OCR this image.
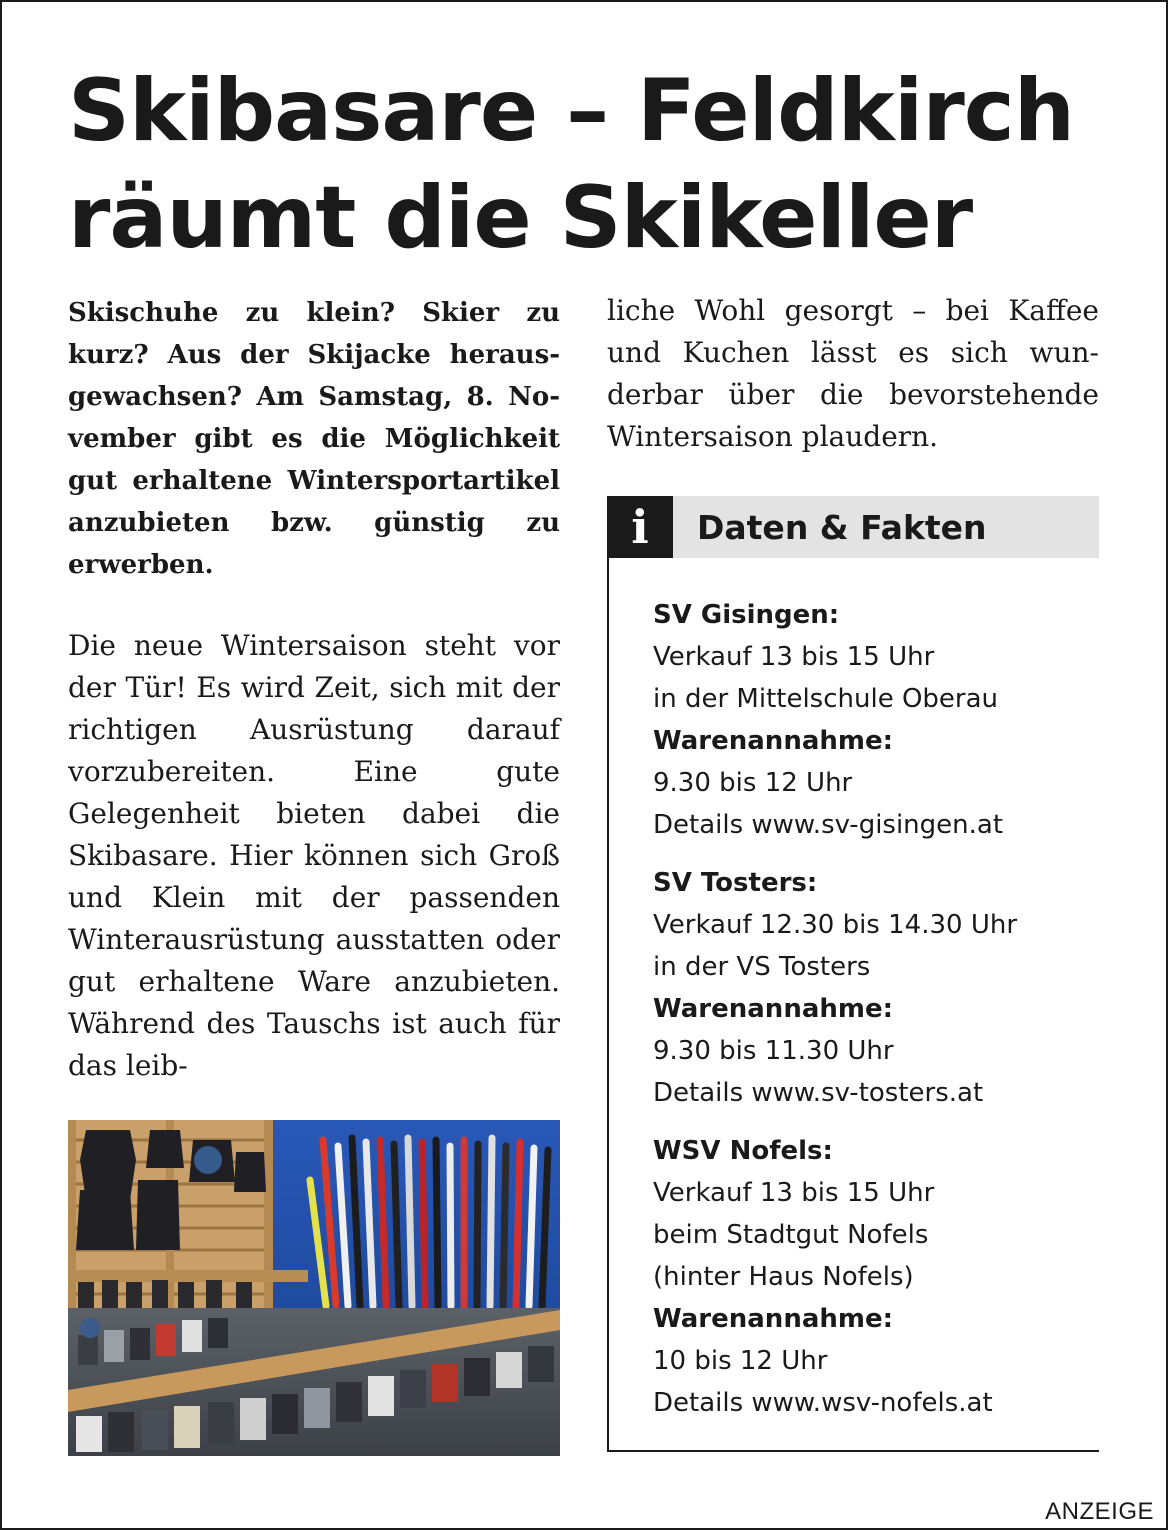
Skibasare – Feldkirch
räumt die Skikeller

Skischuhe zu klein? Skier zu kurz? Aus der Skijacke herausgewachsen? Am Samstag, 8. November gibt es die Möglichkeit gut erhaltene Wintersportartikel anzubieten bzw. günstig zu erwerben.

Die neue Wintersaison steht vor der Tür! Es wird Zeit, sich mit der richtigen Ausrüstung darauf vorzubereiten. Eine gute Gelegenheit bieten dabei die Skibasare. Hier können sich Groß und Klein mit der passenden Winterausrüstung ausstatten oder gut erhaltene Ware anzubieten. Während des Tauschs ist auch für das leib-

liche Wohl gesorgt – bei Kaffee und Kuchen lässt es sich wunderbar über die bevorstehende Wintersaison plaudern.

i	Daten & Fakten
SV Gisingen:
Verkauf 13 bis 15 Uhr
in der Mittelschule Oberau
Warenannahme:
9.30 bis 12 Uhr
Details www.sv-gisingen.at
SV Tosters:
Verkauf 12.30 bis 14.30 Uhr
in der VS Tosters
Warenannahme:
9.30 bis 11.30 Uhr
Details www.sv-tosters.at
WSV Nofels:
Verkauf 13 bis 15 Uhr
beim Stadtgut Nofels
(hinter Haus Nofels)
Warenannahme:
10 bis 12 Uhr
Details www.wsv-nofels.at
ANZEIGE
